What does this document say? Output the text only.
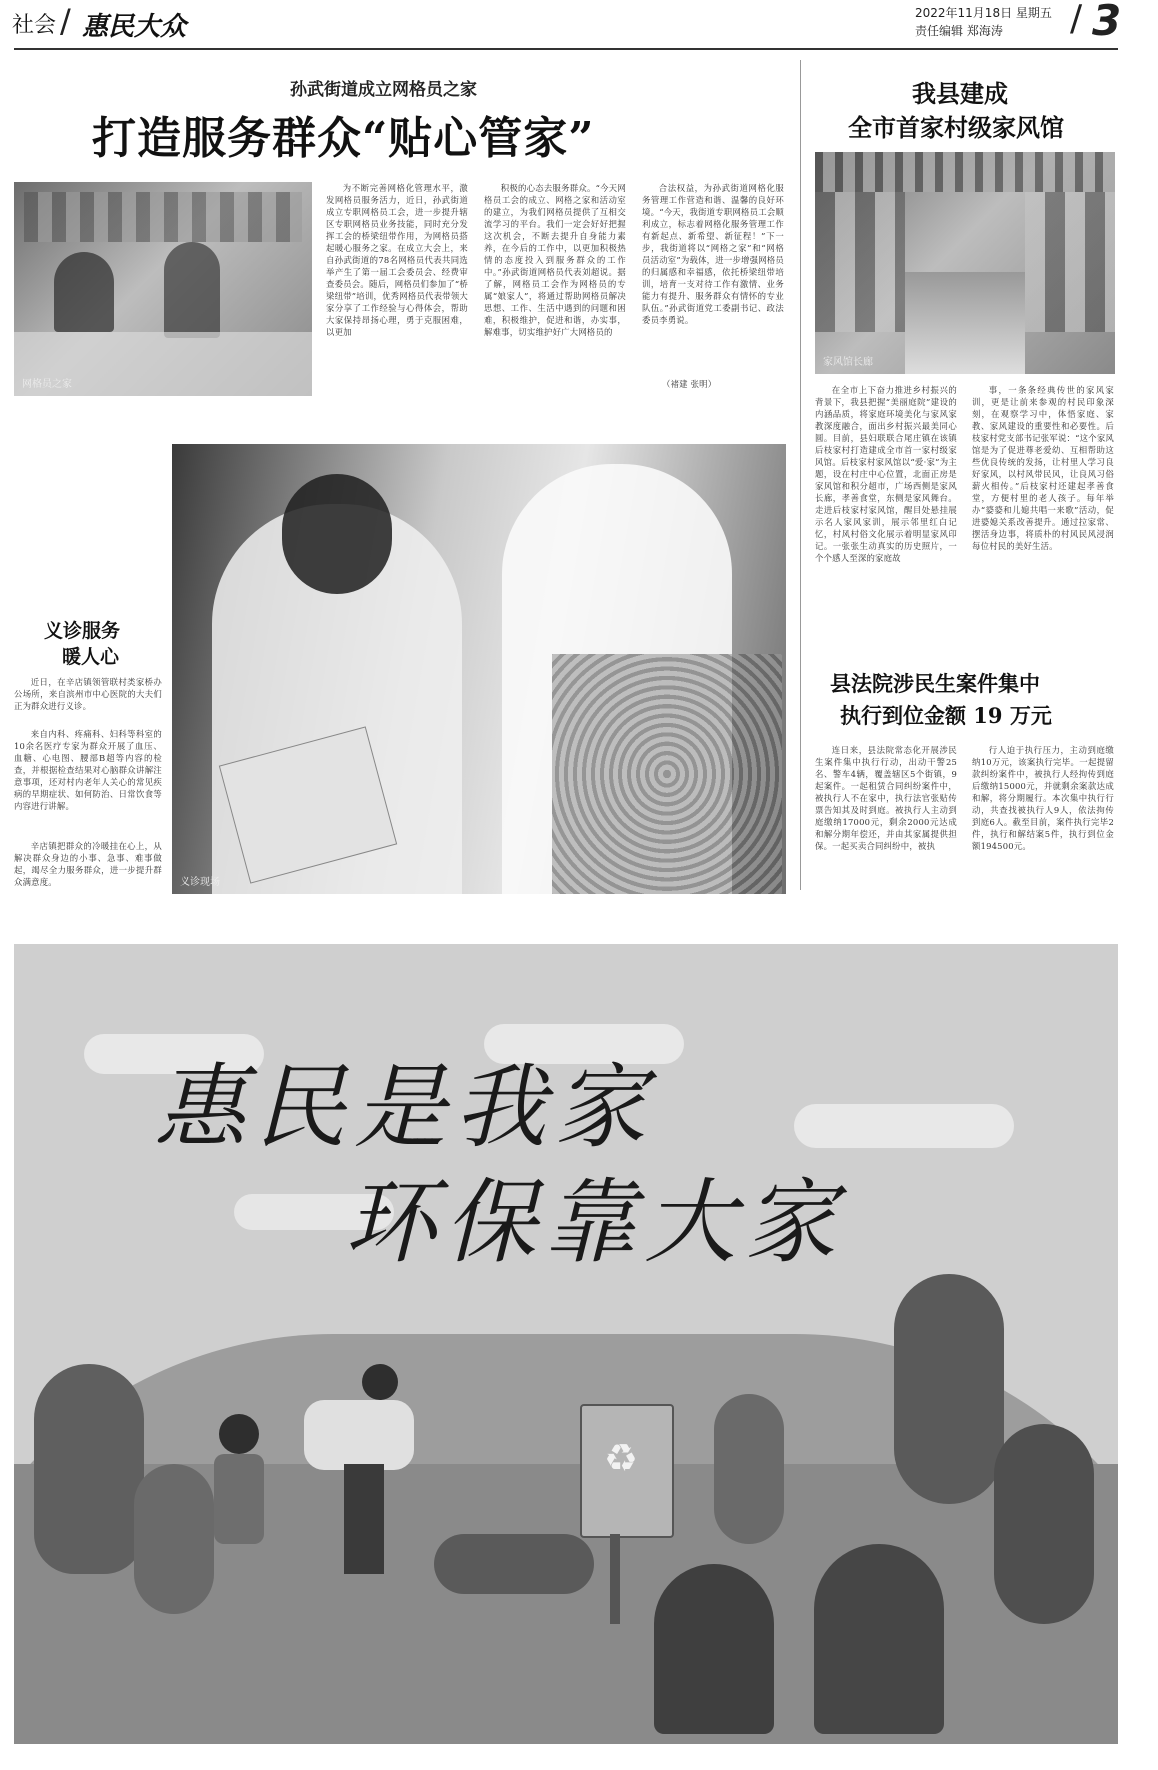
社会 / 惠民大众	2022年11月18日 星期五
责任编辑 郑海涛 / 3
孙武街道成立网格员之家
打造服务群众“贴心管家”
网格员之家
为不断完善网格化管理水平，激发网格员服务活力，近日，孙武街道成立专职网格员工会，进一步提升辖区专职网格员业务技能，同时充分发挥工会的桥梁纽带作用，为网格员搭起暖心服务之家。在成立大会上，来自孙武街道的78名网格员代表共同选举产生了第一届工会委员会、经费审查委员会。随后，网格员们参加了“桥梁纽带”培训，优秀网格员代表带领大家分享了工作经验与心得体会，帮助大家保持昂扬心理，勇于克服困难，以更加
积极的心态去服务群众。“今天网格员工会的成立、网格之家和活动室的建立，为我们网格员提供了互相交流学习的平台。我们一定会好好把握这次机会，不断去提升自身能力素养，在今后的工作中，以更加积极热情的态度投入到服务群众的工作中。”孙武街道网格员代表刘超说。据了解，网格员工会作为网格员的专属“娘家人”，将通过帮助网格员解决思想、工作、生活中遇到的问题和困难，积极维护，促进和谐，办实事，解难事，切实维护好广大网格员的
合法权益，为孙武街道网格化服务管理工作营造和谐、温馨的良好环境。“今天，我街道专职网格员工会顺利成立，标志着网格化服务管理工作有新起点、新希望、新征程！”下一步，我街道将以“网格之家”和“网格员活动室”为载体，进一步增强网格员的归属感和幸福感，依托桥梁纽带培训，培育一支对待工作有激情、业务能力有提升、服务群众有情怀的专业队伍。”孙武街道党工委副书记、政法委员李勇说。
（褚建 张明）
我县建成
全市首家村级家风馆
家风馆长廊
在全市上下奋力推进乡村振兴的背景下，我县把握“美丽庭院”建设的内涵品质，将家庭环境美化与家风家教深度融合，面出乡村振兴最美同心圆。目前，县妇联联合尾庄镇在该镇后枝家村打造建成全市首一家村级家风馆。后枝家村家风馆以“爱·家”为主题，设在村庄中心位置，北面正房是家风馆和积分超市，广场西侧是家风长廊，孝善食堂，东侧是家风舞台。走进后枝家村家风馆，醒目处悬挂展示名人家风家训，展示邻里红白记忆，村风村俗文化展示着明显家风印记。一张张生动真实的历史照片，一个个感人至深的家庭故
事，一条条经典传世的家风家训，更是让前来参观的村民印象深刻，在观察学习中，体悟家庭、家教、家风建设的重要性和必要性。后枝家村党支部书记张军说：“这个家风馆是为了促进尊老爱幼、互相帮助这些优良传统的发扬，让村里人学习良好家风，以村风带民风，让良风习俗薪火相传。”后枝家村还建起孝善食堂，方便村里的老人孩子。每年举办“婆婆和儿媳共唱一来歌”活动，促进婆媳关系改善提升。通过拉家常、摆活身边事，将质朴的村风民风浸润每位村民的美好生活。
义诊现场
义诊服务
暖人心
近日，在辛店镇领管联村类家桥办公场所，来自滨州市中心医院的大夫们正为群众进行义诊。
来自内科、疼痛科、妇科等科室的10余名医疗专家为群众开展了血压、血糖、心电图、腰部B超等内容的检查，并根据检查结果对心脑群众讲解注意事项，还对村内老年人关心的常见疾病的早期症状、如何防治、日常饮食等内容进行讲解。
辛店镇把群众的冷暖挂在心上，从解决群众身边的小事、急事、难事做起，竭尽全力服务群众，进一步提升群众满意度。
县法院涉民生案件集中
执行到位金额 19 万元
连日来，县法院常态化开展涉民生案件集中执行行动，出动干警25名、警车4辆，覆盖辖区5个街镇，9起案件。一起租赁合同纠纷案件中，被执行人不在家中，执行法官张贴传票告知其及时到庭。被执行人主动到庭缴纳17000元，剩余2000元达成和解分期年偿还，并由其家属提供担保。一起买卖合同纠纷中，被执
行人迫于执行压力，主动到庭缴纳10万元，该案执行完毕。一起提留款纠纷案件中，被执行人经拘传到庭后缴纳15000元，并就剩余案款达成和解，将分期履行。本次集中执行行动，共查找被执行人9人，依法拘传到庭6人。截至目前，案件执行完毕2件，执行和解结案5件，执行到位金额194500元。
♻
惠民是我家
环保靠大家
